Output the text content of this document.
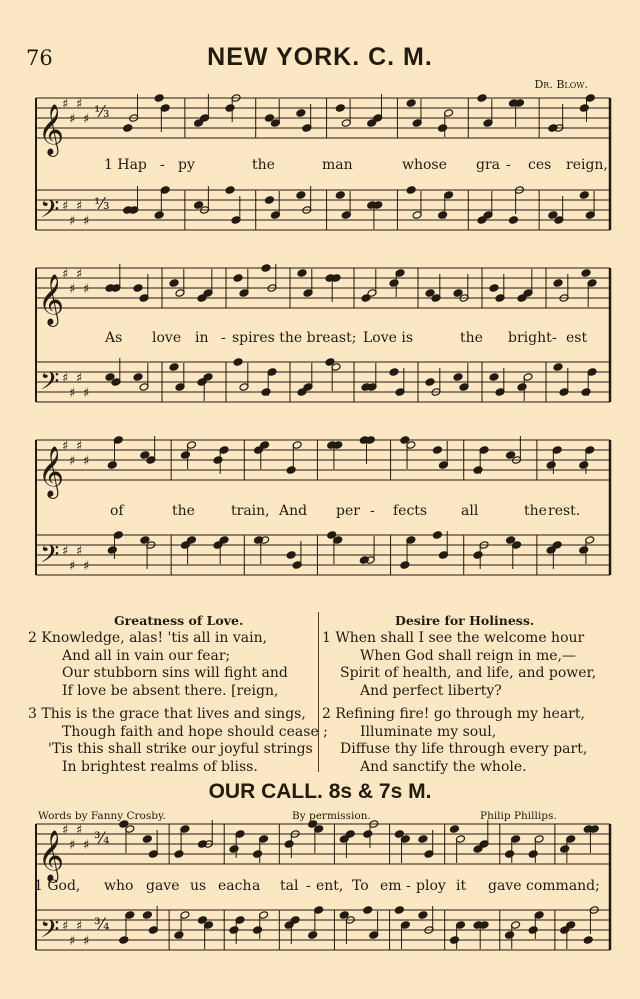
76	NEW YORK. C. M.
Dr. Blow.
𝄞
𝄢
♯
♯
♯
♯
♯
♯
♯
♯
⅓
⅓
𝄞
𝄢
♯
♯
♯
♯
♯
♯
♯
♯
𝄞
𝄢
♯
♯
♯
♯
♯
♯
♯
♯
𝄞
𝄢
♯
♯
♯
♯
♯
♯
♯
♯
¾
¾
1 Hap - py	the	man	whose gra - ces reign,
As love in - spires the breast; Love is	the bright - est
of	the	train, And per - fects all	the rest.
Greatness of Love.	Desire for Holiness.
2 Knowledge, alas! 'tis all in vain,
And all in vain our fear;
Our stubborn sins will fight and
If love be absent there. [reign,
3 This is the grace that lives and sings,
Though faith and hope should cease ;
'Tis this shall strike our joyful strings
In brightest realms of bliss.
1 When shall I see the welcome hour
When God shall reign in me,—
Spirit of health, and life, and power,
And perfect liberty?
2 Refining fire! go through my heart,
Illuminate my soul,
Diffuse thy life through every part,
And sanctify the whole.
OUR CALL. 8s & 7s M.
Words by Fanny Crosby.	By permission.	Philip Phillips.
1 God, who gave us each a tal - ent, To em - ploy it gave command;
